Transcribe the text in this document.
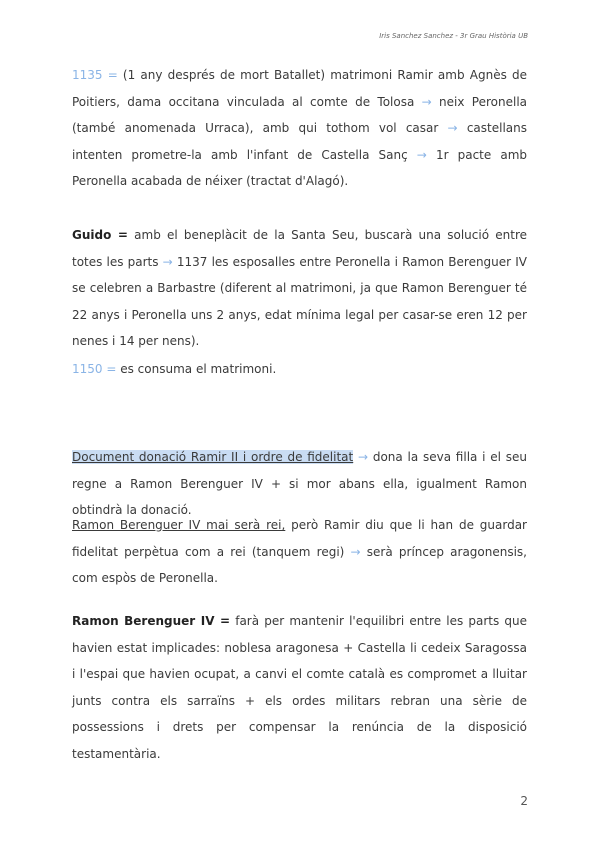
Iris Sanchez Sanchez - 3r Grau Història UB

1135 = (1 any després de mort Batallet) matrimoni Ramir amb Agnès de Poitiers, dama occitana vinculada al comte de Tolosa → neix Peronella (també anomenada Urraca), amb qui tothom vol casar → castellans intenten prometre-la amb l'infant de Castella Sanç → 1r pacte amb Peronella acabada de néixer (tractat d'Alagó).

Guido = amb el beneplàcit de la Santa Seu, buscarà una solució entre totes les parts → 1137 les esposalles entre Peronella i Ramon Berenguer IV se celebren a Barbastre (diferent al matrimoni, ja que Ramon Berenguer té 22 anys i Peronella uns 2 anys, edat mínima legal per casar-se eren 12 per nenes i 14 per nens).

1150 = es consuma el matrimoni.

Document donació Ramir II i ordre de fidelitat → dona la seva filla i el seu regne a Ramon Berenguer IV + si mor abans ella, igualment Ramon obtindrà la donació.

Ramon Berenguer IV mai serà rei, però Ramir diu que li han de guardar fidelitat perpètua com a rei (tanquem regi) → serà príncep aragonensis, com espòs de Peronella.

Ramon Berenguer IV = farà per mantenir l'equilibri entre les parts que havien estat implicades: noblesa aragonesa + Castella li cedeix Saragossa i l'espai que havien ocupat, a canvi el comte català es compromet a lluitar junts contra els sarraïns + els ordes militars rebran una sèrie de possessions i drets per compensar la renúncia de la disposició testamentària.

2
